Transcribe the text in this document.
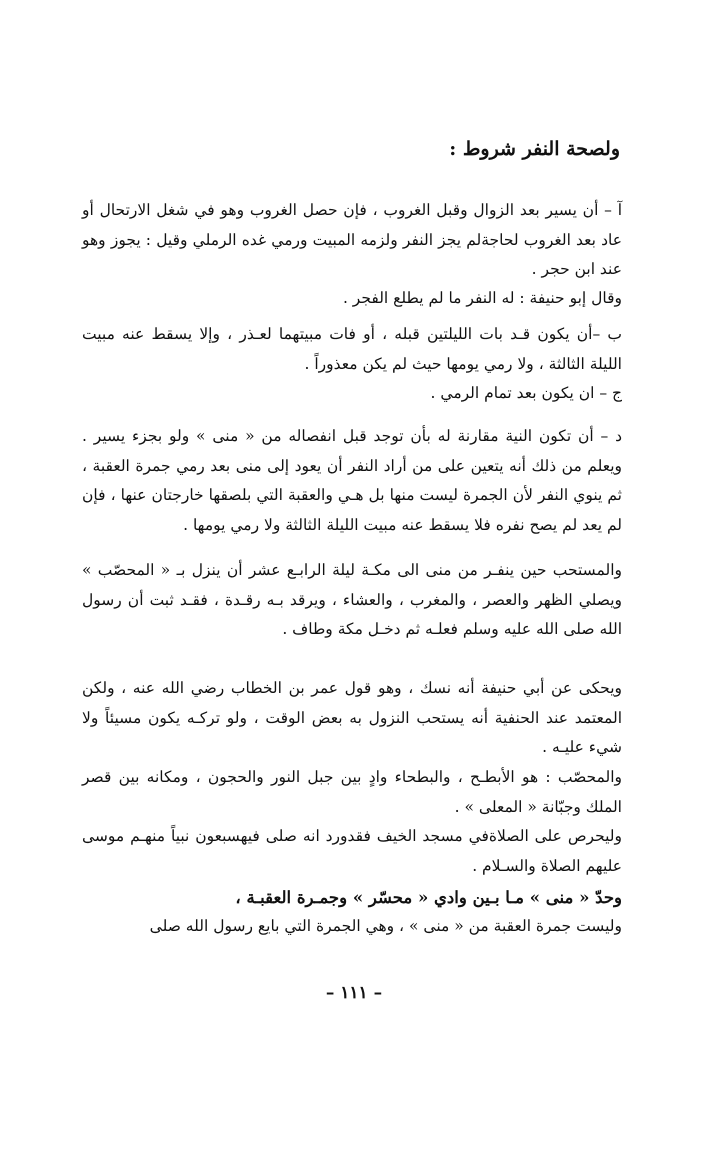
ولصحة النفر شروط :
آ – أن يسير بعد الزوال وقبل الغروب ، فإن حصل الغروب وهو في شغل الارتحال أو عاد بعد الغروب لحاجةلم يجز النفر ولزمه المبيت ورمي غده الرملي وقيل : يجوز وهو عند ابن حجر .
وقال إبو حنيفة : له النفر ما لم يطلع الفجر .
ب –أن يكون قـد بات الليلتين قبله ، أو فات مبيتهما لعـذر ، وإلا يسقط عنه مبيت الليلة الثالثة ، ولا رمي يومها حيث لم يكن معذوراً .
ج – ان يكون بعد تمام الرمي .
د – أن تكون النية مقارنة له بأن توجد قبل انفصاله من « منى » ولو بجزء يسير . ويعلم من ذلك أنه يتعين على من أراد النفر أن يعود إلى منى بعد رمي جمرة العقبة ، ثم ينوي النفر لأن الجمرة ليست منها بل هـي والعقبة التي بلصقها خارجتان عنها ، فإن لم يعد لم يصح نفره فلا يسقط عنه مبيت الليلة الثالثة ولا رمي يومها .
والمستحب حين ينفـر من منى الى مكـة ليلة الرابـع عشر أن ينزل بـ « المحصّب » ويصلي الظهر والعصر ، والمغرب ، والعشاء ، ويرقد بـه رقـدة ، فقـد ثبت أن رسول الله صلى الله عليه وسلم فعلـه ثم دخـل مكة وطاف .
ويحكى عن أبي حنيفة أنه نسك ، وهو قول عمر بن الخطاب رضي الله عنه ، ولكن المعتمد عند الحنفية أنه يستحب النزول به بعض الوقت ، ولو تركـه يكون مسيئاً ولا شيء عليـه .
والمحصّب : هو الأبطـح ، والبطحاء وادٍ بين جبل النور والحجون ، ومكانه بين قصر الملك وجبّانة « المعلى » .
وليحرص على الصلاةفي مسجد الخيف فقدورد انه صلى فيهسبعون نبياً منهـم موسى عليهم الصلاة والسـلام .
وحدّ « منى » مـا بـين وادي « محسّر » وجمـرة العقبـة ،
وليست جمرة العقبة من « منى » ، وهي الجمرة التي بايع رسول الله صلى
– ١١١ –
